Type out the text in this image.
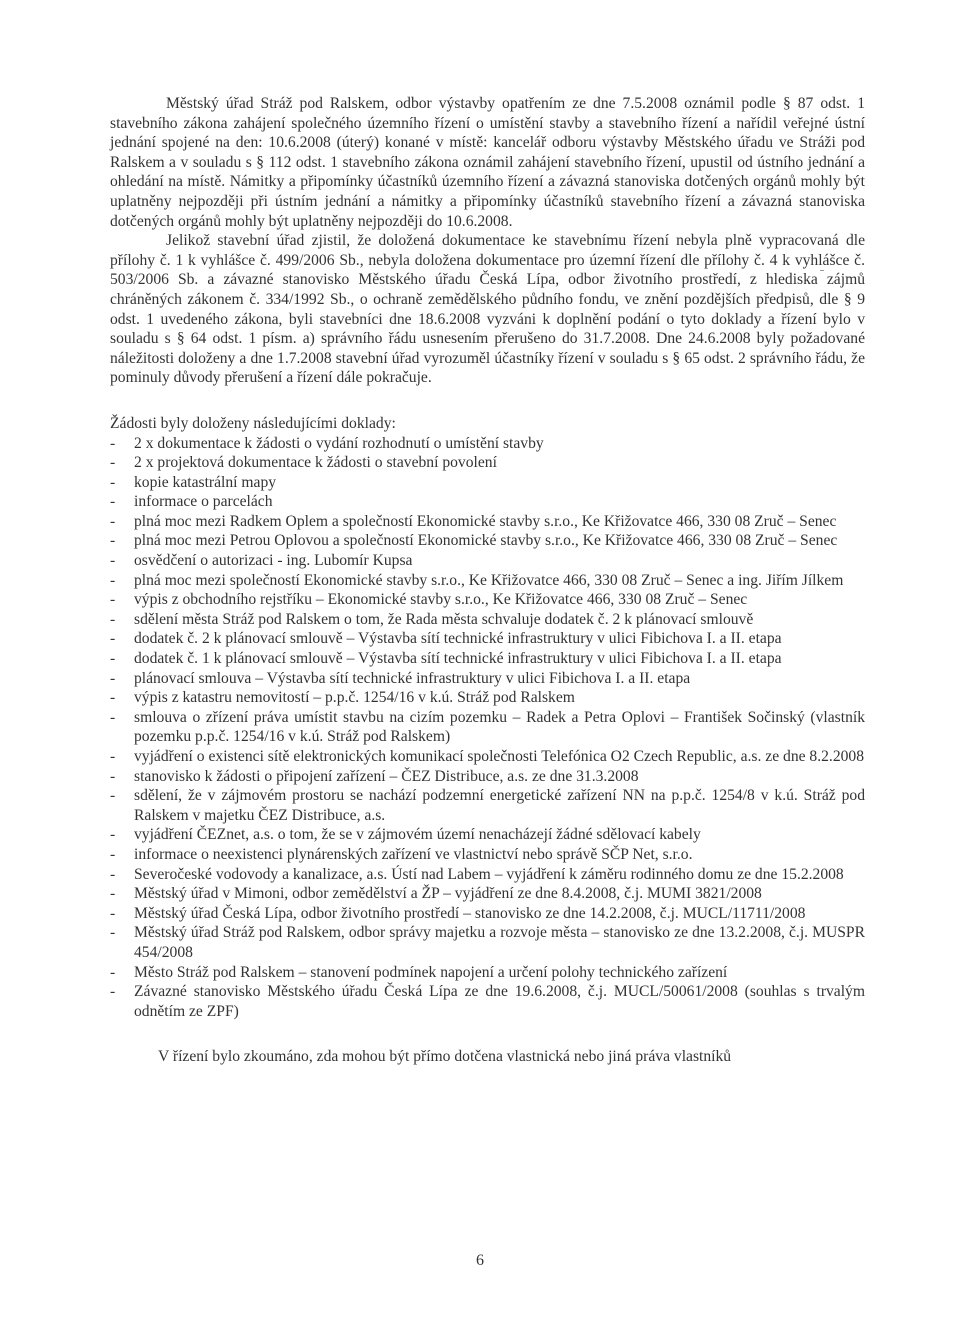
Městský úřad Stráž pod Ralskem, odbor výstavby opatřením ze dne 7.5.2008 oznámil podle § 87 odst. 1 stavebního zákona zahájení společného územního řízení o umístění stavby a stavebního řízení a nařídil veřejné ústní jednání spojené na den: 10.6.2008 (úterý) konané v místě: kancelář odboru výstavby Městského úřadu ve Stráži pod Ralskem a v souladu s § 112 odst. 1 stavebního zákona oznámil zahájení stavebního řízení, upustil od ústního jednání a ohledání na místě. Námitky a připomínky účastníků územního řízení a závazná stanoviska dotčených orgánů mohly být uplatněny nejpozději při ústním jednání a námitky a připomínky účastníků stavebního řízení a závazná stanoviska dotčených orgánů mohly být uplatněny nejpozději do 10.6.2008.

Jelikož stavební úřad zjistil, že doložená dokumentace ke stavebnímu řízení nebyla plně vypracovaná dle přílohy č. 1 k vyhlášce č. 499/2006 Sb., nebyla doložena dokumentace pro územní řízení dle přílohy č. 4 k vyhlášce č. 503/2006 Sb. a závazné stanovisko Městského úřadu Česká Lípa, odbor životního prostředí, z hlediska zájmů chráněných zákonem č. 334/1992 Sb., o ochraně zemědělského půdního fondu, ve znění pozdějších předpisů, dle § 9 odst. 1 uvedeného zákona, byli stavebníci dne 18.6.2008 vyzváni k doplnění podání o tyto doklady a řízení bylo v souladu s § 64 odst. 1 písm. a) správního řádu usnesením přerušeno do 31.7.2008. Dne 24.6.2008 byly požadované náležitosti doloženy a dne 1.7.2008 stavební úřad vyrozuměl účastníky řízení v souladu s § 65 odst. 2 správního řádu, že pominuly důvody přerušení a řízení dále pokračuje.

Žádosti byly doloženy následujícími doklady:

- 2 x dokumentace k žádosti o vydání rozhodnutí o umístění stavby
- 2 x projektová dokumentace k žádosti o stavební povolení
- kopie katastrální mapy
- informace o parcelách
- plná moc mezi Radkem Oplem a společností Ekonomické stavby s.r.o., Ke Křižovatce 466, 330 08 Zruč – Senec
- plná moc mezi Petrou Oplovou a společností Ekonomické stavby s.r.o., Ke Křižovatce 466, 330 08 Zruč – Senec
- osvědčení o autorizaci - ing. Lubomír Kupsa
- plná moc mezi společností Ekonomické stavby s.r.o., Ke Křižovatce 466, 330 08 Zruč – Senec a ing. Jiřím Jílkem
- výpis z obchodního rejstříku – Ekonomické stavby s.r.o., Ke Křižovatce 466, 330 08 Zruč – Senec
- sdělení města Stráž pod Ralskem o tom, že Rada města schvaluje dodatek č. 2 k plánovací smlouvě
- dodatek č. 2 k plánovací smlouvě – Výstavba sítí technické infrastruktury v ulici Fibichova I. a II. etapa
- dodatek č. 1 k plánovací smlouvě – Výstavba sítí technické infrastruktury v ulici Fibichova I. a II. etapa
- plánovací smlouva – Výstavba sítí technické infrastruktury v ulici Fibichova I. a II. etapa
- výpis z katastru nemovitostí – p.p.č. 1254/16 v k.ú. Stráž pod Ralskem
- smlouva o zřízení práva umístit stavbu na cizím pozemku – Radek a Petra Oplovi – František Sočinský (vlastník pozemku p.p.č. 1254/16 v k.ú. Stráž pod Ralskem)
- vyjádření o existenci sítě elektronických komunikací společnosti Telefónica O2 Czech Republic, a.s. ze dne 8.2.2008
- stanovisko k žádosti o připojení zařízení – ČEZ Distribuce, a.s. ze dne 31.3.2008
- sdělení, že v zájmovém prostoru se nachází podzemní energetické zařízení NN na p.p.č. 1254/8 v k.ú. Stráž pod Ralskem v majetku ČEZ Distribuce, a.s.
- vyjádření ČEZnet, a.s. o tom, že se v zájmovém území nenacházejí žádné sdělovací kabely
- informace o neexistenci plynárenských zařízení ve vlastnictví nebo správě SČP Net, s.r.o.
- Severočeské vodovody a kanalizace, a.s. Ústí nad Labem – vyjádření k záměru rodinného domu ze dne 15.2.2008
- Městský úřad v Mimoni, odbor zemědělství a ŽP – vyjádření ze dne 8.4.2008, č.j. MUMI 3821/2008
- Městský úřad Česká Lípa, odbor životního prostředí – stanovisko ze dne 14.2.2008, č.j. MUCL/11711/2008
- Městský úřad Stráž pod Ralskem, odbor správy majetku a rozvoje města – stanovisko ze dne 13.2.2008, č.j. MUSPR 454/2008
- Město Stráž pod Ralskem – stanovení podmínek napojení a určení polohy technického zařízení
- Závazné stanovisko Městského úřadu Česká Lípa ze dne 19.6.2008, č.j. MUCL/50061/2008 (souhlas s trvalým odnětím ze ZPF)

V řízení bylo zkoumáno, zda mohou být přímo dotčena vlastnická nebo jiná práva vlastníků

6
